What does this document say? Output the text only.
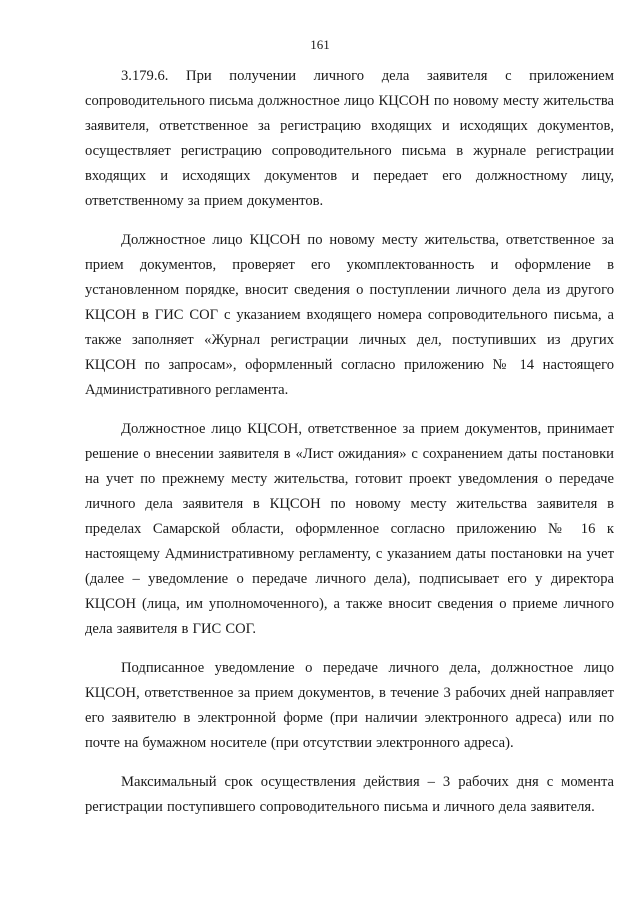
161

3.179.6. При получении личного дела заявителя с приложением сопроводительного письма должностное лицо КЦСОН по новому месту жительства заявителя, ответственное за регистрацию входящих и исходящих документов, осуществляет регистрацию сопроводительного письма в журнале регистрации входящих и исходящих документов и передает его должностному лицу, ответственному за прием документов.

Должностное лицо КЦСОН по новому месту жительства, ответственное за прием документов, проверяет его укомплектованность и оформление в установленном порядке, вносит сведения о поступлении личного дела из другого КЦСОН в ГИС СОГ с указанием входящего номера сопроводительного письма, а также заполняет «Журнал регистрации личных дел, поступивших из других КЦСОН по запросам», оформленный согласно приложению № 14 настоящего Административного регламента.

Должностное лицо КЦСОН, ответственное за прием документов, принимает решение о внесении заявителя в «Лист ожидания» с сохранением даты постановки на учет по прежнему месту жительства, готовит проект уведомления о передаче личного дела заявителя в КЦСОН по новому месту жительства заявителя в пределах Самарской области, оформленное согласно приложению № 16 к настоящему Административному регламенту, с указанием даты постановки на учет (далее – уведомление о передаче личного дела), подписывает его у директора КЦСОН (лица, им уполномоченного), а также вносит сведения о приеме личного дела заявителя в ГИС СОГ.

Подписанное уведомление о передаче личного дела, должностное лицо КЦСОН, ответственное за прием документов, в течение 3 рабочих дней направляет его заявителю в электронной форме (при наличии электронного адреса) или по почте на бумажном носителе (при отсутствии электронного адреса).

Максимальный срок осуществления действия – 3 рабочих дня с момента регистрации поступившего сопроводительного письма и личного дела заявителя.
